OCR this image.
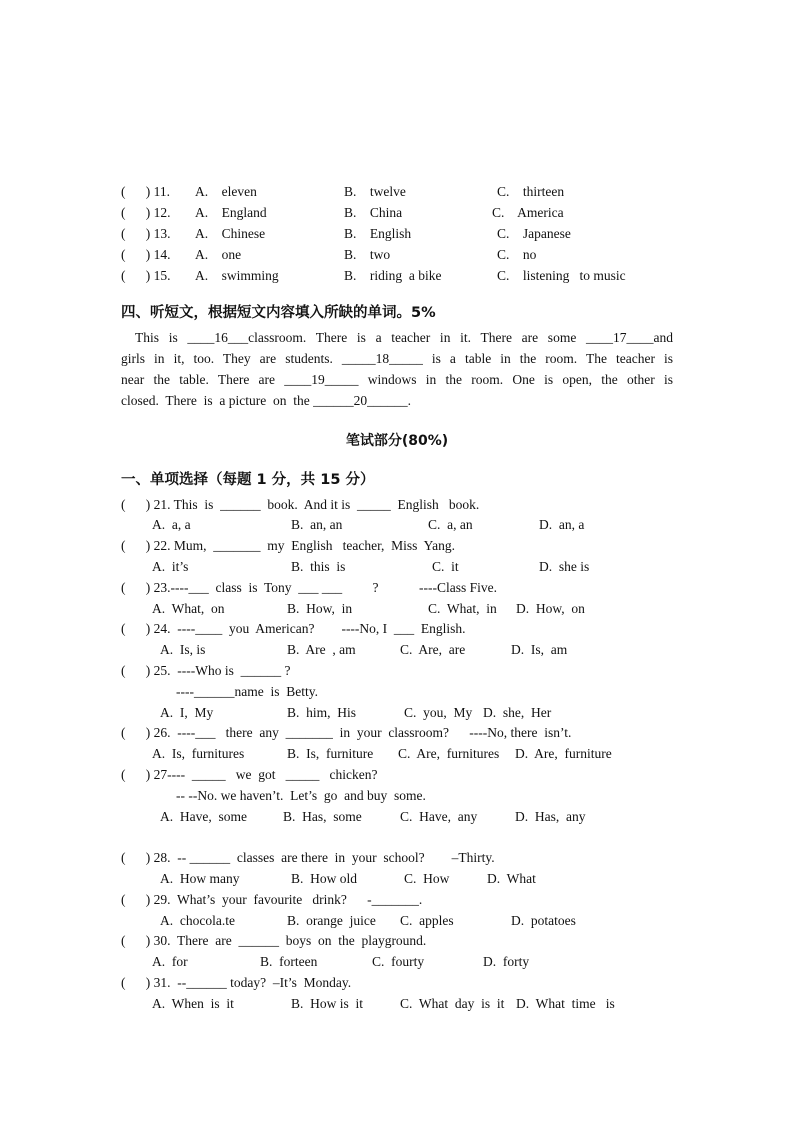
(      ) 11. A.    eleven	B.    twelve	C.    thirteen
(      ) 12. A.    England	B.    China	C.    America
(      ) 13. A.    Chinese	B.    English	C.    Japanese
(      ) 14. A.    one	B.    two	C.    no
(      ) 15. A.    swimming	B.    riding  a bike	C.    listening   to music
四、听短文，根据短文内容填入所缺的单词。5%
This is ____16___classroom. There is a teacher in it. There are some ____17____and
girls in it, too. They are students. _____18_____ is a table in the room. The teacher is
near the table. There are ____19_____ windows in the room. One is open, the other is
closed.  There  is  a picture  on  the ______20______.
笔试部分(80%)
一、单项选择（每题 1 分，共 15 分）
(      ) 21. This  is  ______  book.  And it is  _____  English   book.
A.  a, a	B.  an, an	C.  a, an	D.  an, a
(      ) 22. Mum,  _______  my  English   teacher,  Miss  Yang.
A.  it’s	B.  this  is	C.  it	D.  she is
(      ) 23.----___  class  is  Tony  ___ ___         ?            ----Class Five.
A.  What,  on	B.  How,  in	C.  What,  in D.  How,  on
(      ) 24.  ----____  you  American?        ----No, I  ___  English.
A.  Is, is	B.  Are  , am	C.  Are,  are	D.  Is,  am
(      ) 25.  ----Who is  ______ ?
----______name  is  Betty.
A.  I,  My	B.  him,  His	C.  you,  My D.  she,  Her
(      ) 26.  ----___   there  any  _______  in  your  classroom?      ----No, there  isn’t.
A.  Is,  furnitures	B.  Is,  furniture C.  Are,  furnitures D.  Are,  furniture
(      ) 27----  _____   we  got   _____   chicken?
-- --No. we haven’t.  Let’s  go  and buy  some.
A.  Have,  some	B.  Has,  some	C.  Have,  any	D.  Has,  any
(      ) 28.  -- ______  classes  are there  in  your  school?        –Thirty.
A.  How many	B.  How old	C.  How	D.  What
(      ) 29.  What’s  your  favourite   drink?      -_______.
A.  chocola.te	B.  orange  juice C.  apples	D.  potatoes
(      ) 30.  There  are  ______  boys  on  the  playground.
A.  for	B.  forteen	C.  fourty	D.  forty
(      ) 31.  --______ today?  –It’s  Monday.
A.  When  is  it	B.  How is  it	C.  What  day  is  it D.  What  time   is
